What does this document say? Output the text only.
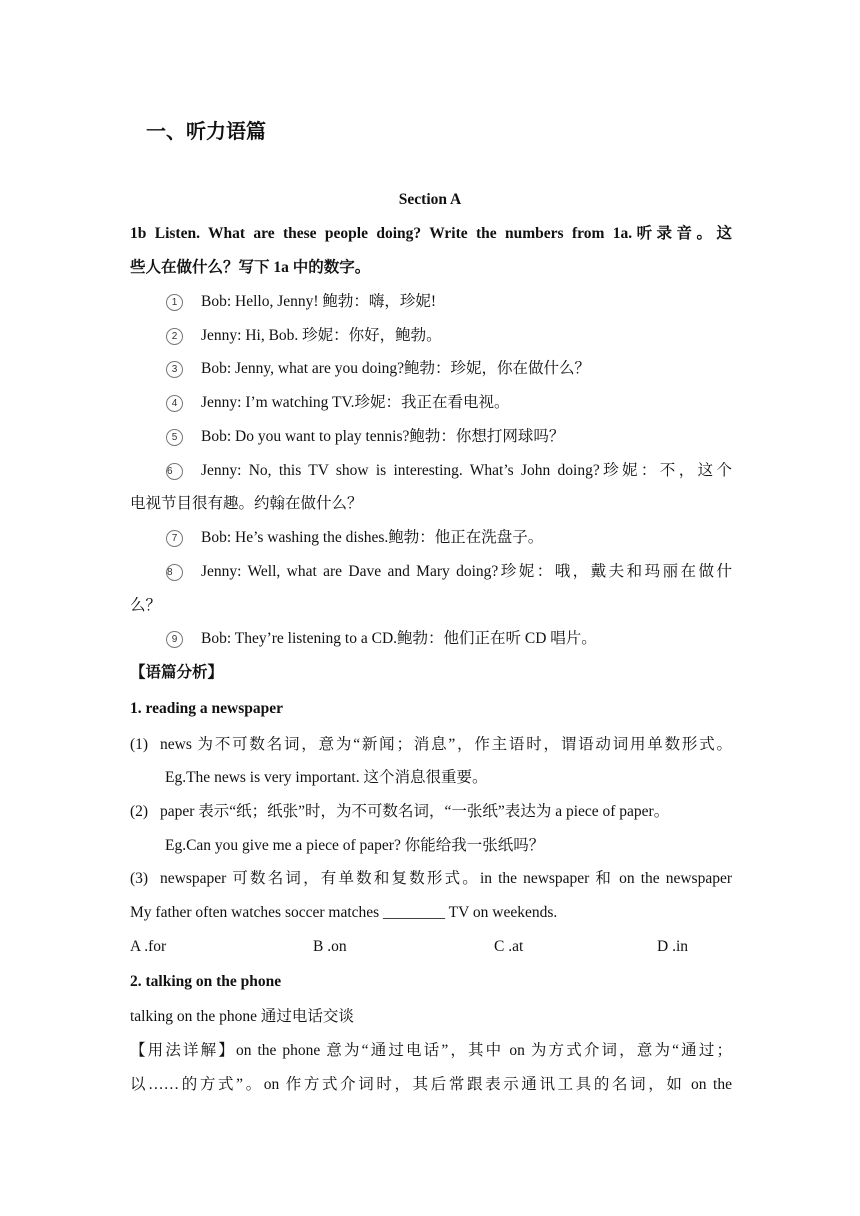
一、听力语篇
Section A
1b Listen. What are these people doing? Write the numbers from 1a.听录音。这
些人在做什么？写下 1a 中的数字。
1 Bob: Hello, Jenny! 鲍勃：嗨，珍妮!
2 Jenny: Hi, Bob. 珍妮：你好，鲍勃。
3 Bob: Jenny, what are you doing?鲍勃：珍妮，你在做什么？
4 Jenny: I’m watching TV.珍妮：我正在看电视。
5 Bob: Do you want to play tennis?鲍勃：你想打网球吗？
6 Jenny: No, this TV show is interesting. What’s John doing?珍妮：不，这个
电视节目很有趣。约翰在做什么？
7 Bob: He’s washing the dishes.鲍勃：他正在洗盘子。
8 Jenny: Well, what are Dave and Mary doing?珍妮：哦，戴夫和玛丽在做什
么？
9 Bob: They’re listening to a CD.鲍勃：他们正在听 CD 唱片。
【语篇分析】
1. reading a newspaper
(1) news 为不可数名词，意为“新闻；消息”，作主语时，谓语动词用单数形式。
Eg.The news is very important. 这个消息很重要。
(2) paper 表示“纸；纸张”时，为不可数名词，“一张纸”表达为 a piece of paper。
Eg.Can you give me a piece of paper? 你能给我一张纸吗？
(3) newspaper 可数名词，有单数和复数形式。in the newspaper 和 on the newspaper
My father often watches soccer matches ________ TV on weekends.
A .for	B .on	C .at	D .in
2. talking on the phone
talking on the phone 通过电话交谈
【用法详解】on the phone 意为“通过电话”，其中 on 为方式介词，意为“通过；
以……的方式”。on 作方式介词时，其后常跟表示通讯工具的名词，如 on the
